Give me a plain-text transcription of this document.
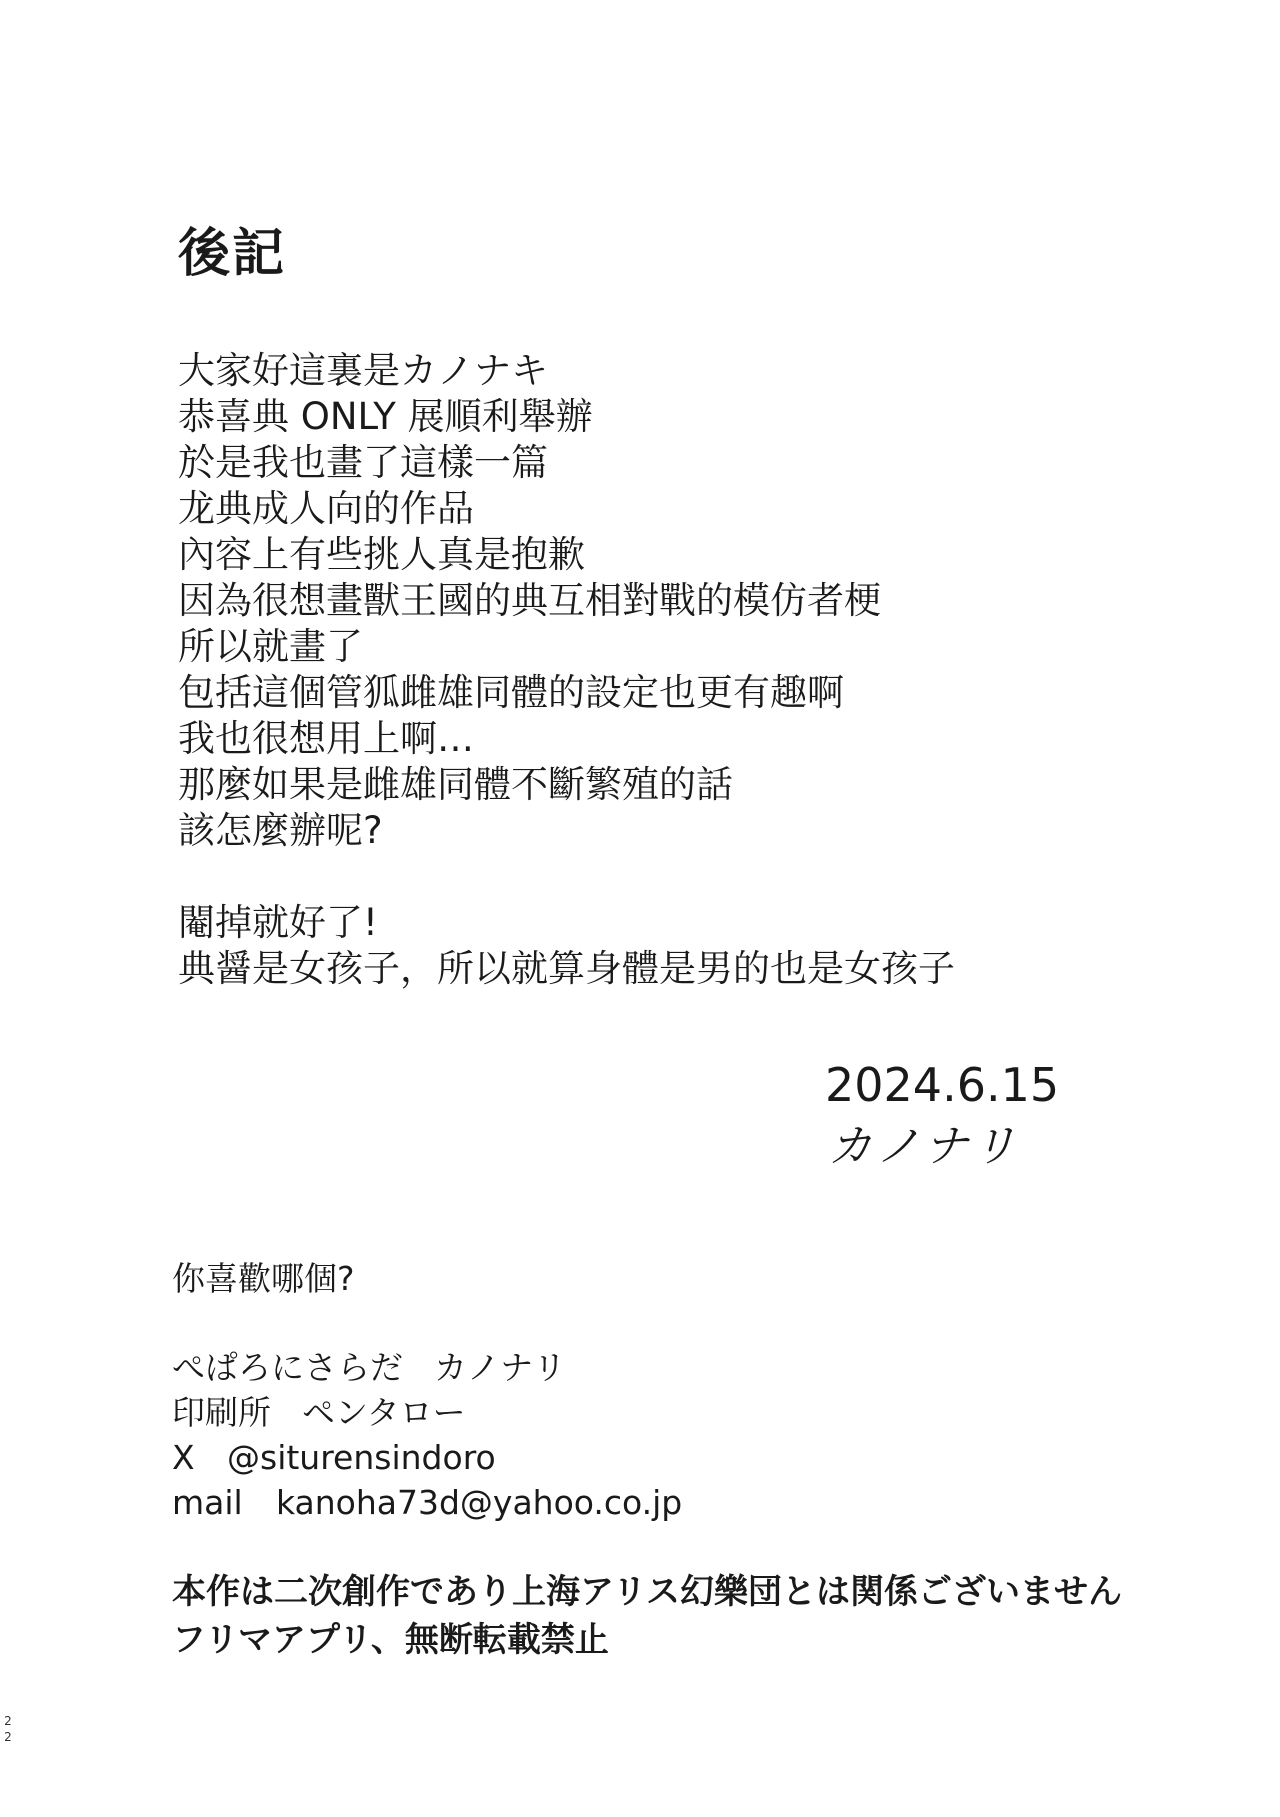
後記
大家好這裏是カノナキ
恭喜典 ONLY 展順利舉辦
於是我也畫了這樣一篇
龙典成人向的作品
內容上有些挑人真是抱歉
因為很想畫獸王國的典互相對戰的模仿者梗
所以就畫了
包括這個管狐雌雄同體的設定也更有趣啊
我也很想用上啊…
那麼如果是雌雄同體不斷繁殖的話
該怎麼辦呢?
閹掉就好了!
典醤是女孩子，所以就算身體是男的也是女孩子
2024.6.15
カノナリ
你喜歡哪個?
ぺぱろにさらだ カノナリ
印刷所 ペンタロー
X @siturensindoro
mail kanoha73d@yahoo.co.jp
本作は二次創作であり上海アリス幻樂団とは関係ございません
フリマアプリ、無断転載禁止
2
2
